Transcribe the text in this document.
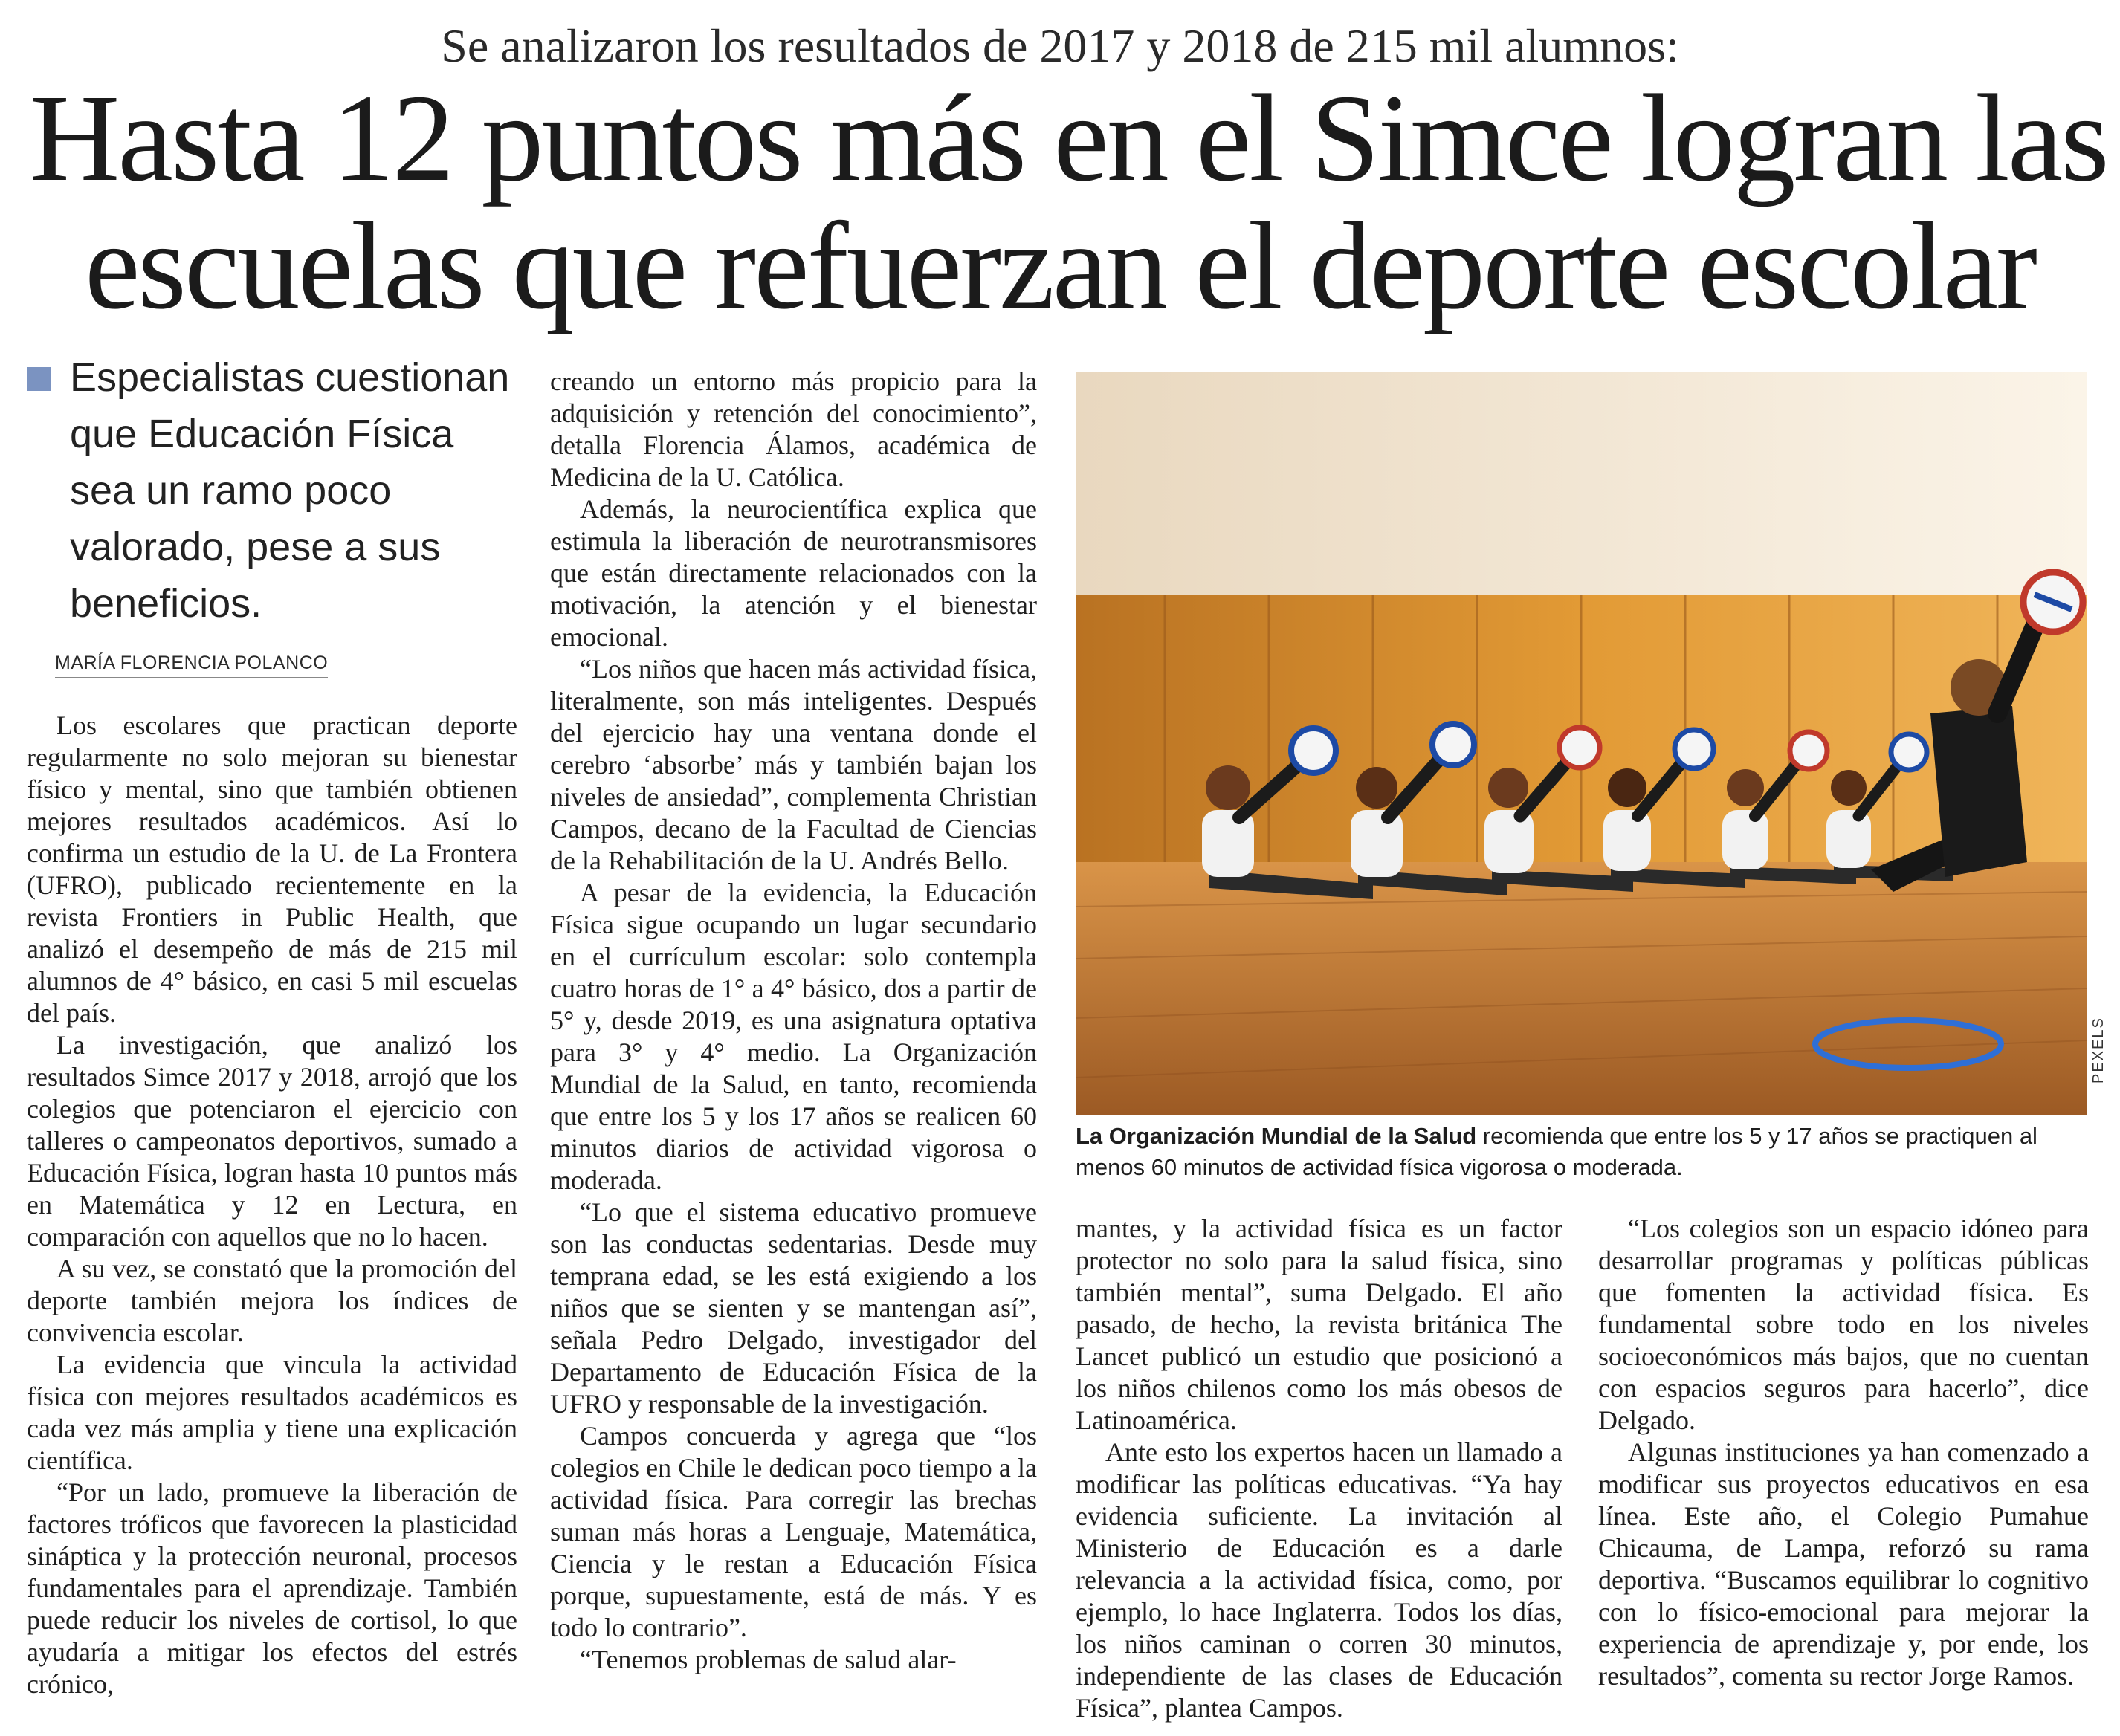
Se analizaron los resultados de 2017 y 2018 de 215 mil alumnos:
Hasta 12 puntos más en el Simce logran las
escuelas que refuerzan el deporte escolar
Especialistas cuestionan que Educación Física sea un ramo poco valorado, pese a sus beneficios.
MARÍA FLORENCIA POLANCO

Los escolares que practican deporte regularmente no solo mejoran su bienestar físico y mental, sino que también obtienen mejores resultados académicos. Así lo confirma un estudio de la U. de La Frontera (UFRO), publicado recientemente en la revista Frontiers in Public Health, que analizó el desempeño de más de 215 mil alumnos de 4° básico, en casi 5 mil escuelas del país.

La investigación, que analizó los resultados Simce 2017 y 2018, arrojó que los colegios que potenciaron el ejercicio con talleres o campeonatos deportivos, sumado a Educación Física, logran hasta 10 puntos más en Matemática y 12 en Lectura, en comparación con aquellos que no lo hacen.

A su vez, se constató que la promoción del deporte también mejora los índices de convivencia escolar.

La evidencia que vincula la actividad física con mejores resultados académicos es cada vez más amplia y tiene una explicación científica.

“Por un lado, promueve la liberación de factores tróficos que favorecen la plasticidad sináptica y la protección neuronal, procesos fundamentales para el aprendizaje. También puede reducir los niveles de cortisol, lo que ayudaría a mitigar los efectos del estrés crónico,

creando un entorno más propicio para la adquisición y retención del conocimiento”, detalla Florencia Álamos, académica de Medicina de la U. Católica.

Además, la neurocientífica explica que estimula la liberación de neurotransmisores que están directamente relacionados con la motivación, la atención y el bienestar emocional.

“Los niños que hacen más actividad física, literalmente, son más inteligentes. Después del ejercicio hay una ventana donde el cerebro ‘absorbe’ más y también bajan los niveles de ansiedad”, complementa Christian Campos, decano de la Facultad de Ciencias de la Rehabilitación de la U. Andrés Bello.

A pesar de la evidencia, la Educación Física sigue ocupando un lugar secundario en el currículum escolar: solo contempla cuatro horas de 1° a 4° básico, dos a partir de 5° y, desde 2019, es una asignatura optativa para 3° y 4° medio. La Organización Mundial de la Salud, en tanto, recomienda que entre los 5 y los 17 años se realicen 60 minutos diarios de actividad vigorosa o moderada.

“Lo que el sistema educativo promueve son las conductas sedentarias. Desde muy temprana edad, se les está exigiendo a los niños que se sienten y se mantengan así”, señala Pedro Delgado, investigador del Departamento de Educación Física de la UFRO y responsable de la investigación.

Campos concuerda y agrega que “los colegios en Chile le dedican poco tiempo a la actividad física. Para corregir las brechas suman más horas a Lenguaje, Matemática, Ciencia y le restan a Educación Física porque, supuestamente, está de más. Y es todo lo contrario”.

“Tenemos problemas de salud alar-

PEXELS
La Organización Mundial de la Salud recomienda que entre los 5 y 17 años se practiquen al menos 60 minutos de actividad física vigorosa o moderada.

mantes, y la actividad física es un factor protector no solo para la salud física, sino también mental”, suma Delgado. El año pasado, de hecho, la revista británica The Lancet publicó un estudio que posicionó a los niños chilenos como los más obesos de Latinoamérica.

Ante esto los expertos hacen un llamado a modificar las políticas educativas. “Ya hay evidencia suficiente. La invitación al Ministerio de Educación es a darle relevancia a la actividad física, como, por ejemplo, lo hace Inglaterra. Todos los días, los niños caminan o corren 30 minutos, independiente de las clases de Educación Física”, plantea Campos.

“Los colegios son un espacio idóneo para desarrollar programas y políticas públicas que fomenten la actividad física. Es fundamental sobre todo en los niveles socioeconómicos más bajos, que no cuentan con espacios seguros para hacerlo”, dice Delgado.

Algunas instituciones ya han comenzado a modificar sus proyectos educativos en esa línea. Este año, el Colegio Pumahue Chicauma, de Lampa, reforzó su rama deportiva. “Buscamos equilibrar lo cognitivo con lo físico-emocional para mejorar la experiencia de aprendizaje y, por ende, los resultados”, comenta su rector Jorge Ramos.
